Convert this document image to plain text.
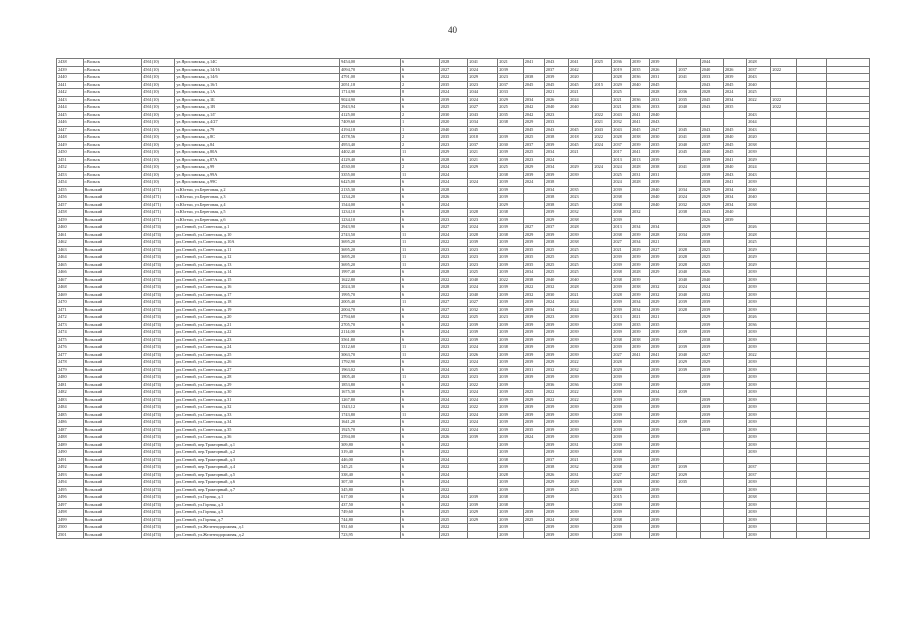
40
2438	г.Вольск	4561(10)	ул.Ярославская, д.14С	9454,00	6	2028	2041	2021	2041	2043	2041	2025	2036	2039	2039		2044		2028			
2439	г.Вольск	4561(10)	ул.Ярославская, д.14/16	4094,70	6	2027	2024	2039		2037	2042		2019	2035	2026	2037	2040	2026	2037	2022		
2440	г.Вольск	4561(10)	ул.Ярославская, д.14/6	4791,00	6	2022	2029	2023	2038	2039	2020		2028	2036	2031	2041	2033	2039	2043			
2441	г.Вольск	4561(10)	ул.Ярославская, д.16/1	2051,18	2	2035	2023	2037	2045	2045	2045	2015	2029	2040	2045		2043	2045	2040			
2442	г.Вольск	4561(10)	ул.Ярославская, д.1А	1714,90	8	2024	2044	2033		2021	2021		2025		2028	2036	2028	2024	2025			
2443	г.Вольск	4561(10)	ул.Ярославская, д.1Б	9024,90	6	2039	2024	2029	2034	2026	2024		2021	2036	2033	2035	2045	2034	2022	2022		
2444	г.Вольск	4561(10)	ул.Ярославская, д.1В	2943,94	6	2025	2027	2025	2042	2040	2040		2021	2036	2033	2040	2043	2035		2022		
2445	г.Вольск	4561(10)	ул.Ярославская, д.1/Г	4125,00	2	2030	2043	2035	2042	2023		2022	2043	2041	2040				2043			
2446	г.Вольск	4561(10)	ул.Ярославская, д.4/27	7409,60	1	2020	2034	2038	2029	2033		2021	2032	2041	2043				2044			
2447	г.Вольск	4561(10)	ул.Ярославская, д.79	4194,18	1	2040	2045		2045	2043	2045	2043	2043	2045	2047	2045	2043	2045	2043			
2448	г.Вольск	4561(10)	ул.Ярославская, д.8С	4378,56	2	2035	2018	2039	2025	2038	2018	2022	2028	2038	2030	2041	2038	2040	2020			
2449	г.Вольск	4561(10)	ул.Ярославская, д.84	4953,40	2	2023	2037	2030	2037	2039	2045	2024	2037	2039	2035	2040	2037	2045	2038			
2450	г.Вольск	4561(10)	ул.Ярославская, д.80А	4402,40	11	2029	2021	2039	2025	2034	2021		2017	2041	2039	2045	2040	2045	2039			
2451	г.Вольск	4561(10)	ул.Ярославская, д.87А	4129,40	6	2028	2021	2039	2023	2024			2013	2013	2039		2039	2041	2029			
2452	г.Вольск	4561(10)	ул.Ярославская, д.99	4530,00	2	2024	2029	2025	2029	2034	2029	2024	2024	2028	2038	2041	2038	2040	2024			
2453	г.Вольск	4561(10)	ул.Ярославская, д.99А	3355,00	11	2024		2038	2039	2039	2039		2025	2031	2031		2039	2043	2043			
2454	г.Вольск	4561(10)	ул.Ярославская, д.99С	6425,00	6	2024	2024	2039	2024	2038			2024	2028	2039		2038	2041	2039			
2455	Вольский	4561(471)	п.Юлтхи, ул.Береговая, д.2	2135,30	6	2028		2039		2034	2035		2039		2040	2034	2029	2034	2040			
2456	Вольский	4561(471)	п.Юлтхи, ул.Береговая, д.3	1234,20	6	2026		2039		2038	2023		2038		2040	2024	2029	2034	2040			
2457	Вольский	4561(471)	п.Юлтхи, ул.Береговая, д.4	1544,00	6	2024		2029		2038	2025		2038		2040	2032	2029	2034	2038			
2458	Вольский	4561(471)	п.Юлтхи, ул.Береговая, д.5	1234,10	6	2028	2028	2038		2039	2032		2038	2032		2038	2043	2040				
2459	Вольский	4561(471)	п.Юлтхи, ул.Береговая, д.6	1234,10	6	2023	2023	2039		2029	2038		2039				2026	2039				
2460	Вольский	4561(474)	рп.Сенной, ул.Советская, д.1	2943,90	6	2027	2024	2039	2027	2037	2028		2013	2034	2034		2029		2026			
2461	Вольский	4561(474)	рп.Сенной, ул.Советская, д.10	2743,50	11	2024	2028	2038	2029	2039	2039		2038	2039	2028	2034	2039		2028			
2462	Вольский	4561(474)	рп.Сенной, ул.Советская, д.10А	3695,20	11	2022	2039	2039	2039	2038	2038		2027	2034	2021		2038		2025			
2463	Вольский	4561(474)	рп.Сенной, ул.Советская, д.11	3695,20	11	2023	2023	2039	2035	2025	2025		2021	2029	2027	2028	2025		2029			
2464	Вольский	4561(474)	рп.Сенной, ул.Советская, д.12	3695,20	11	2023	2023	2039	2035	2025	2025		2039	2039	2039	2028	2025		2029			
2465	Вольский	4561(474)	рп.Сенной, ул.Советская, д.13	3695,20	11	2023	2023	2039	2035	2025	2025		2039	2039	2039	2028	2025		2029			
2466	Вольский	4561(474)	рп.Сенной, ул.Советская, д.14	1997,40	6	2028	2025	2039	2034	2025	2025		2038	2028	2029	2040	2026		2039			
2467	Вольский	4561(474)	рп.Сенной, ул.Советская, д.15	1622,80	6	2022	2040	2022	2038	2040	2040		2038	2039		2040	2040		2039			
2468	Вольский	4561(474)	рп.Сенной, ул.Советская, д.16	2024,30	6	2028	2024	2039	2022	2032	2028		2039	2038	2032	2024	2024		2039			
2469	Вольский	4561(474)	рп.Сенной, ул.Советская, д.17	1995,70	6	2022	2040	2039	2032	2030	2021		2028	2039	2032	2040	2032		2039			
2470	Вольский	4561(474)	рп.Сенной, ул.Советская, д.18	2005,40	11	2027	2027	2039	2039	2024	2024		2039	2034	2029	2039	2039		2039			
2471	Вольский	4561(474)	рп.Сенной, ул.Советская, д.19	2004,70	6	2027	2032	2039	2039	2034	2024		2039	2034	2039	2028	2039		2039			
2472	Вольский	4561(474)	рп.Сенной, ул.Советская, д.20	2794,60	6	2022	2025	2023	2039	2023	2039		2013	2021	2021		2029		2026			
2473	Вольский	4561(474)	рп.Сенной, ул.Советская, д.21	2705,70	6	2022	2039	2039	2039	2039	2039		2039	2035	2035		2039		2036			
2474	Вольский	4561(474)	рп.Сенной, ул.Советская, д.22	2114,00	6	2024	2039	2039	2039	2039	2039		2039	2039	2039	2039	2039		2039			
2475	Вольский	4561(474)	рп.Сенной, ул.Советская, д.23	3561,80	6	2022	2039	2039	2039	2039	2039		2038	2038	2039		2038		2039			
2476	Вольский	4561(474)	рп.Сенной, ул.Советская, д.24	3312,60	11	2023	2024	2038	2039	2039	2039		2039	2039	2039	2039	2039		2039			
2477	Вольский	4561(474)	рп.Сенной, ул.Советская, д.25	3063,70	11	2022	2026	2039	2039	2039	2039		2027	2041	2041	2040	2027		2022			
2478	Вольский	4561(474)	рп.Сенной, ул.Советская, д.26	1792,90	6	2022	2024	2039	2039	2029	2022		2028		2039	2029	2029		2039			
2479	Вольский	4561(474)	рп.Сенной, ул.Советская, д.27	1963,02	6	2024	2025	2039	2031	2032	2032		2029		2039	2039	2039		2039			
2480	Вольский	4561(474)	рп.Сенной, ул.Советская, д.28	1805,40	11	2023	2023	2039	2039	2039	2039		2039		2039		2039		2039			
2481	Вольский	4561(474)	рп.Сенной, ул.Советская, д.29	1853,80	6	2022	2022	2039		2036	2036		2039		2039		2039		2039			
2482	Вольский	4561(474)	рп.Сенной, ул.Советская, д.30	1675,30	6	2022	2024	2039	2025	2022	2022		2039		2034	2039			2039			
2483	Вольский	4561(474)	рп.Сенной, ул.Советская, д.31	1267,80	6	2024	2024	2039	2029	2022	2022		2039		2039		2039		2039			
2484	Вольский	4561(474)	рп.Сенной, ул.Советская, д.32	1343,12	6	2022	2022	2039	2039	2039	2039		2039		2039		2039		2039			
2485	Вольский	4561(474)	рп.Сенной, ул.Советская, д.33	1743,80	11	2022	2024	2039	2039	2039	2039		2039		2039		2039		2039			
2486	Вольский	4561(474)	рп.Сенной, ул.Советская, д.34	1641,20	6	2022	2024	2039	2039	2039	2039		2039		2029	2039	2039		2039			
2487	Вольский	4561(474)	рп.Сенной, ул.Советская, д.35	1925,70	6	2022	2024	2039	2035	2039	2039		2039		2039		2039		2039			
2488	Вольский	4561(474)	рп.Сенной, ул.Советская, д.36	2594,00	6	2026	2039	2039	2024	2039	2039		2039		2039				2039			
2489	Вольский	4561(474)	рп.Сенной, пер.Тракторный, д.1	309,80	6	2022		2039		2039	2031		2039		2039				2039			
2490	Вольский	4561(474)	рп.Сенной, пер.Тракторный, д.2	319,40	6	2022		2039		2039	2039		2038		2039				2039			
2491	Вольский	4561(474)	рп.Сенной, пер.Тракторный, д.3	446,00	6	2024		2038		2037	2021		2039		2039							
2492	Вольский	4561(474)	рп.Сенной, пер.Тракторный, д.4	345,21	6	2022		2039		2038	2032		2038		2037	2039			2037			
2493	Вольский	4561(474)	рп.Сенной, пер.Тракторный, д.5	338,40	6	2024		2028		2026	2031		2027		2027	2029			2037			
2494	Вольский	4561(474)	рп.Сенной, пер.Тракторный, д.6	307,30	6	2024		2039		2029	2029		2028		2030	2035			2039			
2495	Вольский	4561(474)	рп.Сенной, пер.Тракторный, д.7	345,80	6	2022		2039		2039	2025		2039		2039				2039			
2496	Вольский	4561(474)	рп.Сенной, ул.Горная, д.1	617,00	6	2024	2039	2038		2039			2015		2035				2038			
2497	Вольский	4561(474)	рп.Сенной, ул.Горная, д.3	437,50	6	2022	2039	2038		2039			2039		2039				2039			
2498	Вольский	4561(474)	рп.Сенной, ул.Горная, д.5	749,60	6	2025	2029	2039	2039	2039	2039		2039		2039				2039			
2499	Вольский	4561(474)	рп.Сенной, ул.Горная, д.7	744,80	6	2025	2029	2039	2025	2024	2038		2038		2039				2039			
2500	Вольский	4561(474)	рп.Сенной, ул.Железнодорожная, д.1	931,60	6	2022		2039		2039	2039		2039		2039				2039			
2501	Вольский	4561(474)	рп.Сенной, ул.Железнодорожная, д.2	723,95	6	2023		2039		2039	2039		2039		2039				2039			
